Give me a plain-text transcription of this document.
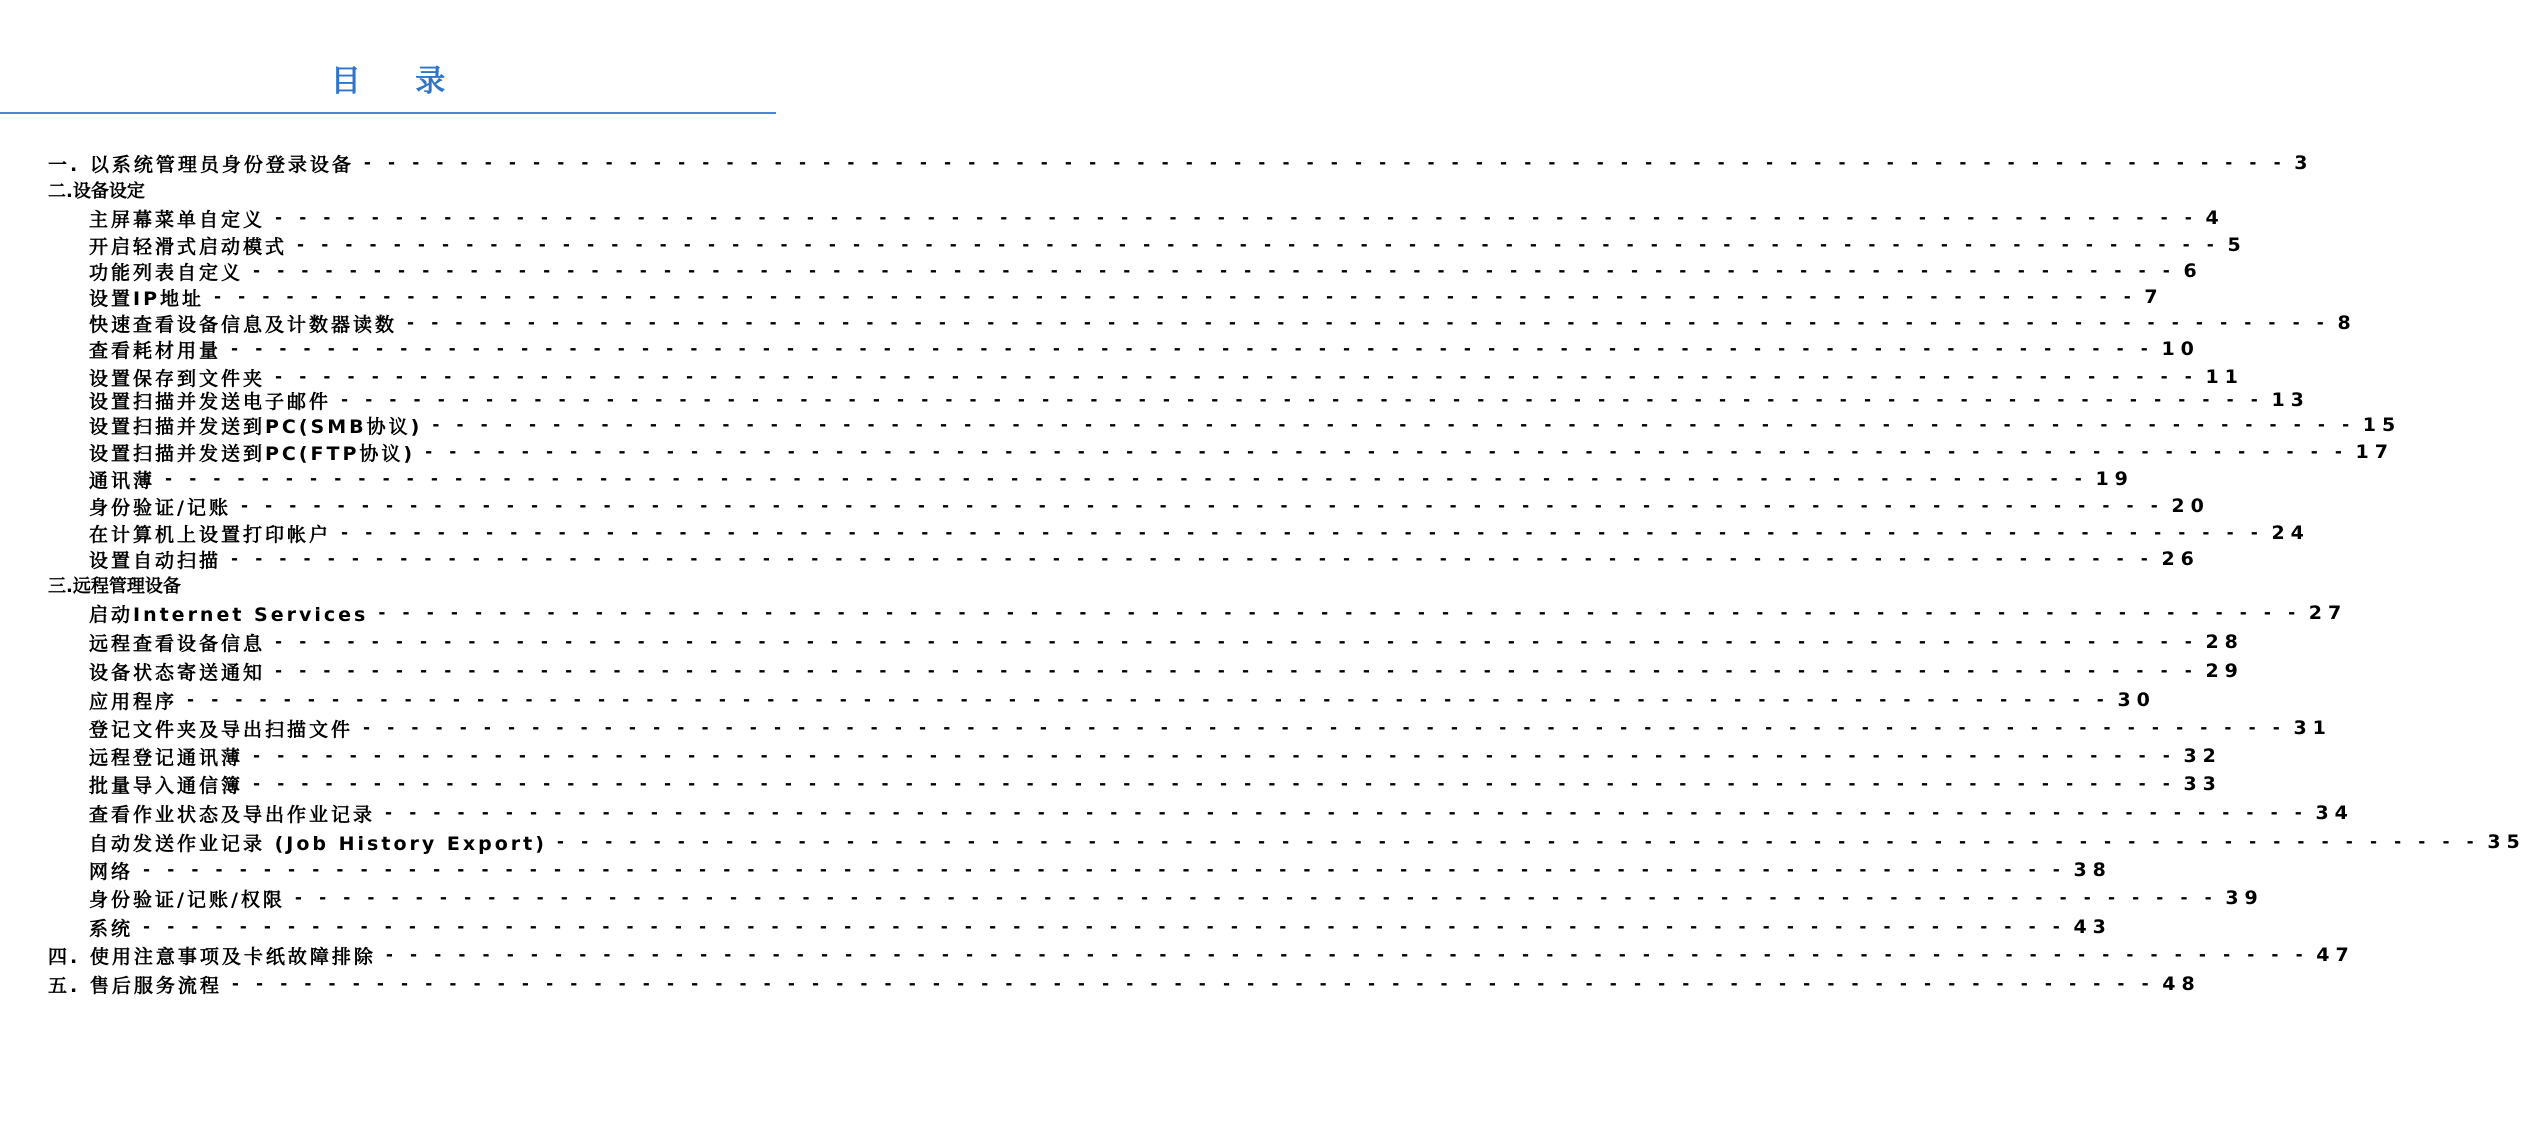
目 录
一. 以系统管理员身份登录设备 - - - - - - - - - - - - - - - - - - - - - - - - - - - - - - - - - - - - - - - - - - - - - - - - - - - - - - - - - - - - - - - - - - - - - - - - - - - - - - - - 3
二.设备设定
主屏幕菜单自定义 - - - - - - - - - - - - - - - - - - - - - - - - - - - - - - - - - - - - - - - - - - - - - - - - - - - - - - - - - - - - - - - - - - - - - - - - - - - - - - - - 4
开启轻滑式启动模式 - - - - - - - - - - - - - - - - - - - - - - - - - - - - - - - - - - - - - - - - - - - - - - - - - - - - - - - - - - - - - - - - - - - - - - - - - - - - - - - - 5
功能列表自定义 - - - - - - - - - - - - - - - - - - - - - - - - - - - - - - - - - - - - - - - - - - - - - - - - - - - - - - - - - - - - - - - - - - - - - - - - - - - - - - - - 6
设置IP地址 - - - - - - - - - - - - - - - - - - - - - - - - - - - - - - - - - - - - - - - - - - - - - - - - - - - - - - - - - - - - - - - - - - - - - - - - - - - - - - - - 7
快速查看设备信息及计数器读数 - - - - - - - - - - - - - - - - - - - - - - - - - - - - - - - - - - - - - - - - - - - - - - - - - - - - - - - - - - - - - - - - - - - - - - - - - - - - - - - - 8
查看耗材用量 - - - - - - - - - - - - - - - - - - - - - - - - - - - - - - - - - - - - - - - - - - - - - - - - - - - - - - - - - - - - - - - - - - - - - - - - - - - - - - - - 10
设置保存到文件夹 - - - - - - - - - - - - - - - - - - - - - - - - - - - - - - - - - - - - - - - - - - - - - - - - - - - - - - - - - - - - - - - - - - - - - - - - - - - - - - - - 11
设置扫描并发送电子邮件 - - - - - - - - - - - - - - - - - - - - - - - - - - - - - - - - - - - - - - - - - - - - - - - - - - - - - - - - - - - - - - - - - - - - - - - - - - - - - - - - 13
设置扫描并发送到PC(SMB协议) - - - - - - - - - - - - - - - - - - - - - - - - - - - - - - - - - - - - - - - - - - - - - - - - - - - - - - - - - - - - - - - - - - - - - - - - - - - - - - - - 15
设置扫描并发送到PC(FTP协议) - - - - - - - - - - - - - - - - - - - - - - - - - - - - - - - - - - - - - - - - - - - - - - - - - - - - - - - - - - - - - - - - - - - - - - - - - - - - - - - - 17
通讯薄 - - - - - - - - - - - - - - - - - - - - - - - - - - - - - - - - - - - - - - - - - - - - - - - - - - - - - - - - - - - - - - - - - - - - - - - - - - - - - - - - 19
身份验证/记账 - - - - - - - - - - - - - - - - - - - - - - - - - - - - - - - - - - - - - - - - - - - - - - - - - - - - - - - - - - - - - - - - - - - - - - - - - - - - - - - - 20
在计算机上设置打印帐户 - - - - - - - - - - - - - - - - - - - - - - - - - - - - - - - - - - - - - - - - - - - - - - - - - - - - - - - - - - - - - - - - - - - - - - - - - - - - - - - - 24
设置自动扫描 - - - - - - - - - - - - - - - - - - - - - - - - - - - - - - - - - - - - - - - - - - - - - - - - - - - - - - - - - - - - - - - - - - - - - - - - - - - - - - - - 26
三.远程管理设备
启动Internet Services - - - - - - - - - - - - - - - - - - - - - - - - - - - - - - - - - - - - - - - - - - - - - - - - - - - - - - - - - - - - - - - - - - - - - - - - - - - - - - - - 27
远程查看设备信息 - - - - - - - - - - - - - - - - - - - - - - - - - - - - - - - - - - - - - - - - - - - - - - - - - - - - - - - - - - - - - - - - - - - - - - - - - - - - - - - - 28
设备状态寄送通知 - - - - - - - - - - - - - - - - - - - - - - - - - - - - - - - - - - - - - - - - - - - - - - - - - - - - - - - - - - - - - - - - - - - - - - - - - - - - - - - - 29
应用程序 - - - - - - - - - - - - - - - - - - - - - - - - - - - - - - - - - - - - - - - - - - - - - - - - - - - - - - - - - - - - - - - - - - - - - - - - - - - - - - - - 30
登记文件夹及导出扫描文件 - - - - - - - - - - - - - - - - - - - - - - - - - - - - - - - - - - - - - - - - - - - - - - - - - - - - - - - - - - - - - - - - - - - - - - - - - - - - - - - - 31
远程登记通讯薄 - - - - - - - - - - - - - - - - - - - - - - - - - - - - - - - - - - - - - - - - - - - - - - - - - - - - - - - - - - - - - - - - - - - - - - - - - - - - - - - - 32
批量导入通信簿 - - - - - - - - - - - - - - - - - - - - - - - - - - - - - - - - - - - - - - - - - - - - - - - - - - - - - - - - - - - - - - - - - - - - - - - - - - - - - - - - 33
查看作业状态及导出作业记录 - - - - - - - - - - - - - - - - - - - - - - - - - - - - - - - - - - - - - - - - - - - - - - - - - - - - - - - - - - - - - - - - - - - - - - - - - - - - - - - - 34
自动发送作业记录 (Job History Export) - - - - - - - - - - - - - - - - - - - - - - - - - - - - - - - - - - - - - - - - - - - - - - - - - - - - - - - - - - - - - - - - - - - - - - - - - - - - - - - - 35
网络 - - - - - - - - - - - - - - - - - - - - - - - - - - - - - - - - - - - - - - - - - - - - - - - - - - - - - - - - - - - - - - - - - - - - - - - - - - - - - - - - 38
身份验证/记账/权限 - - - - - - - - - - - - - - - - - - - - - - - - - - - - - - - - - - - - - - - - - - - - - - - - - - - - - - - - - - - - - - - - - - - - - - - - - - - - - - - - 39
系统 - - - - - - - - - - - - - - - - - - - - - - - - - - - - - - - - - - - - - - - - - - - - - - - - - - - - - - - - - - - - - - - - - - - - - - - - - - - - - - - - 43
四. 使用注意事项及卡纸故障排除 - - - - - - - - - - - - - - - - - - - - - - - - - - - - - - - - - - - - - - - - - - - - - - - - - - - - - - - - - - - - - - - - - - - - - - - - - - - - - - - - 47
五. 售后服务流程 - - - - - - - - - - - - - - - - - - - - - - - - - - - - - - - - - - - - - - - - - - - - - - - - - - - - - - - - - - - - - - - - - - - - - - - - - - - - - - - - 48
